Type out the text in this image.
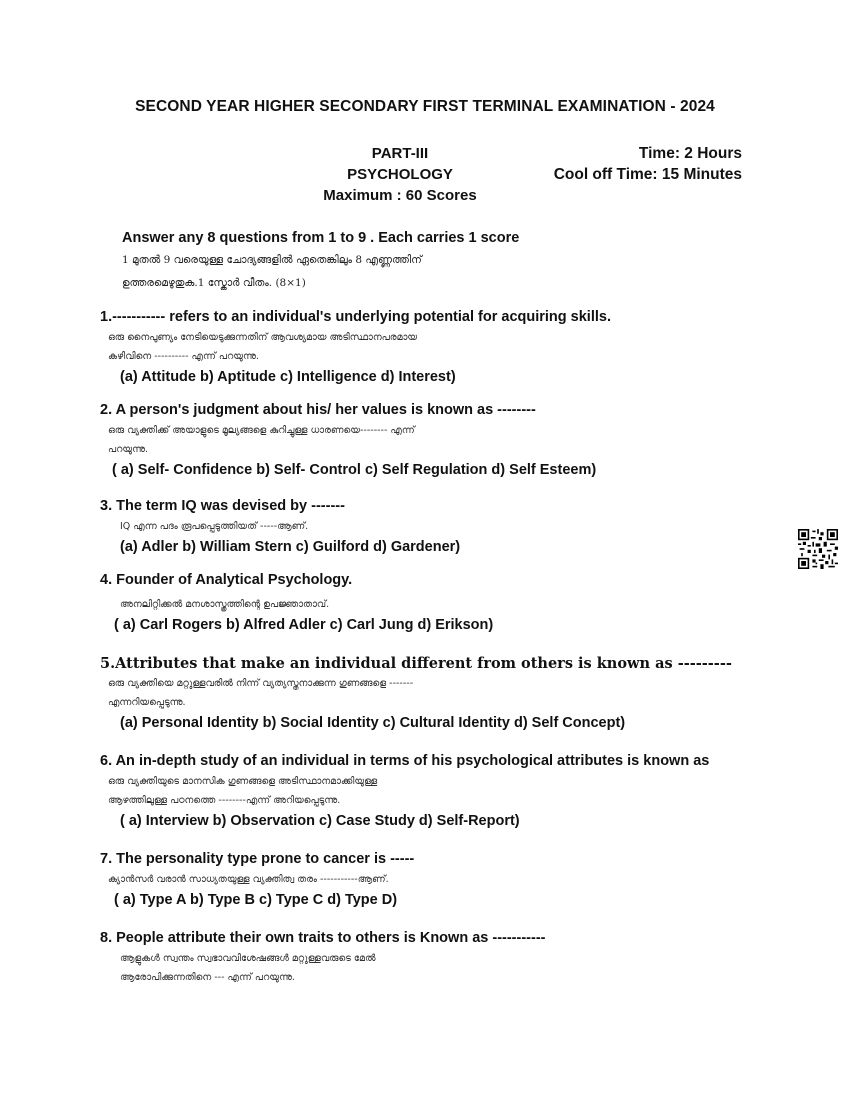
SECOND YEAR HIGHER SECONDARY FIRST TERMINAL EXAMINATION - 2024
PART-III
PSYCHOLOGY
Maximum : 60 Scores
Time: 2 Hours
Cool off Time: 15 Minutes
Answer any 8 questions from 1 to 9 . Each carries 1 score
1 മുതൽ 9 വരെയുള്ള ചോദ്യങ്ങളിൽ ഏതെങ്കിലും 8 എണ്ണത്തിന്
ഉത്തരമെഴുതുക.1 സ്കോർ വീതം. (8×1)
1.----------- refers to an individual's underlying potential for acquiring skills.
ഒരു നൈപുണ്യം നേടിയെടുക്കുന്നതിന് ആവശ്യമായ അടിസ്ഥാനപരമായ
കഴിവിനെ ---------- എന്ന് പറയുന്നു.
(a) Attitude b) Aptitude c) Intelligence d) Interest)
2. A person's judgment about his/ her values is known as --------
ഒരു വ്യക്തിക്ക് അയാളുടെ മൂല്യങ്ങളെ കുറിച്ചുള്ള ധാരണയെ-------- എന്ന്
പറയുന്നു.
( a) Self- Confidence b) Self- Control c) Self Regulation d) Self Esteem)
3. The term IQ was devised by -------
IQ എന്ന പദം രൂപപ്പെടുത്തിയത് -----ആണ്.
(a) Adler b) William Stern c) Guilford d) Gardener)
4. Founder of Analytical Psychology.
അനലിറ്റിക്കൽ മനശാസ്ത്രത്തിന്റെ ഉപജ്ഞാതാവ്.
( a) Carl Rogers b) Alfred Adler c) Carl Jung d) Erikson)
5.Attributes that make an individual different from others is known as ---------
ഒരു വ്യക്തിയെ മറ്റുള്ളവരിൽ നിന്ന് വ്യത്യസ്തനാക്കുന്ന ഗുണങ്ങളെ -------
എന്നറിയപ്പെടുന്നു.
(a) Personal Identity b) Social Identity c) Cultural Identity d) Self Concept)
6. An in-depth study of an individual in terms of his psychological attributes is known as
ഒരു വ്യക്തിയുടെ മാനസിക ഗുണങ്ങളെ അടിസ്ഥാനമാക്കിയുള്ള
ആഴത്തിലുള്ള പഠനത്തെ --------എന്ന് അറിയപ്പെടുന്നു.
( a) Interview b) Observation c) Case Study d) Self-Report)
7. The personality type prone to cancer is -----
ക്യാൻസർ വരാൻ സാധ്യതയുള്ള വ്യക്തിത്വ തരം -----------ആണ്.
( a) Type A b) Type B c) Type C d) Type D)
8. People attribute their own traits to others is Known as -----------
ആളുകൾ സ്വന്തം സ്വഭാവവിശേഷങ്ങൾ മറ്റുള്ളവരുടെ മേൽ
ആരോപിക്കുന്നതിനെ --- എന്ന് പറയുന്നു.
